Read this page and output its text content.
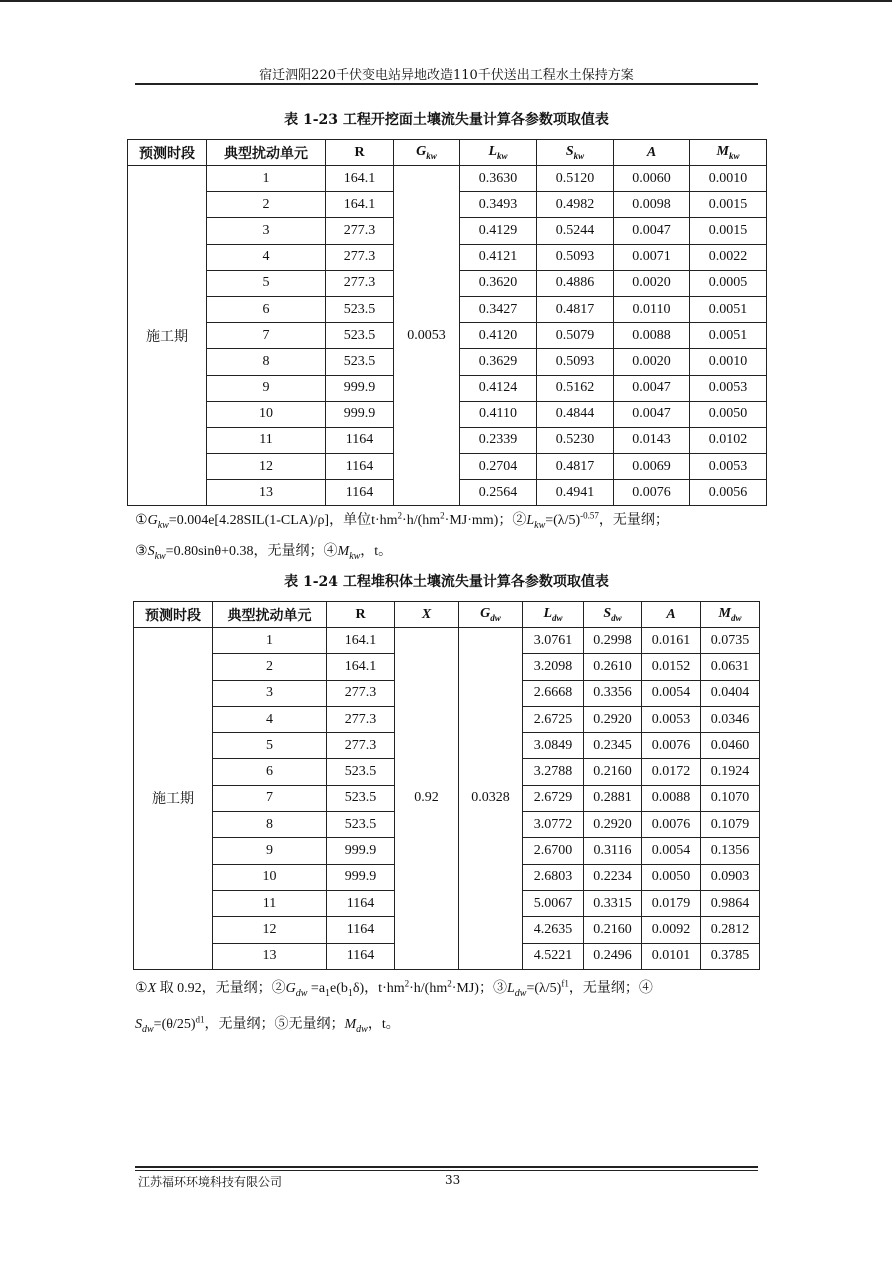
宿迁泗阳220千伏变电站异地改造110千伏送出工程水土保持方案
表 1-23 工程开挖面土壤流失量计算各参数项取值表
预测时段	典型扰动单元	R	$G_{kw}$	$L_{kw}$	$S_{kw}$	A	$M_{kw}$
施工期	1	164.1	0.0053	0.3630	0.5120	0.0060	0.0010
	2	164.1		0.3493	0.4982	0.0098	0.0015
	3	277.3		0.4129	0.5244	0.0047	0.0015
	4	277.3		0.4121	0.5093	0.0071	0.0022
	5	277.3		0.3620	0.4886	0.0020	0.0005
	6	523.5		0.3427	0.4817	0.0110	0.0051
	7	523.5		0.4120	0.5079	0.0088	0.0051
	8	523.5		0.3629	0.5093	0.0020	0.0010
	9	999.9		0.4124	0.5162	0.0047	0.0053
	10	999.9		0.4110	0.4844	0.0047	0.0050
	11	1164		0.2339	0.5230	0.0143	0.0102
	12	1164		0.2704	0.4817	0.0069	0.0053
	13	1164		0.2564	0.4941	0.0076	0.0056
$①G_{kw}=0.004e[4.28SIL(1-CLA)/\rho]$，单位$t\cdot hm^2\cdot h/(hm^2\cdot MJ\cdot mm)$；$②L_{kw}=(\lambda/5)^{-0.57}$，无量纲；
$③S_{kw}=0.80\sin\theta+0.38$，无量纲；$④M_{kw}$，t。
表 1-24 工程堆积体土壤流失量计算各参数项取值表
预测时段	典型扰动单元	R	X	$G_{dw}$	$L_{dw}$	$S_{dw}$	A	$M_{dw}$
施工期	1	164.1	0.92	0.0328	3.0761	0.2998	0.0161	0.0735
	2	164.1			3.2098	0.2610	0.0152	0.0631
	3	277.3			2.6668	0.3356	0.0054	0.0404
	4	277.3			2.6725	0.2920	0.0053	0.0346
	5	277.3			3.0849	0.2345	0.0076	0.0460
	6	523.5			3.2788	0.2160	0.0172	0.1924
	7	523.5			2.6729	0.2881	0.0088	0.1070
	8	523.5			3.0772	0.2920	0.0076	0.1079
	9	999.9			2.6700	0.3116	0.0054	0.1356
	10	999.9			2.6803	0.2234	0.0050	0.0903
	11	1164			5.0067	0.3315	0.0179	0.9864
	12	1164			4.2635	0.2160	0.0092	0.2812
	13	1164			4.5221	0.2496	0.0101	0.3785
①X 取 0.92，无量纲；$②G_{dw} =a_1e(b_1\delta)$，$t\cdot hm^2\cdot h/(hm^2\cdot MJ)$；$③L_{dw}=(\lambda/5)^{f1}$，无量纲；④
$S_{dw}=(\theta/25)^{d1}$，无量纲；⑤无量纲；$M_{dw}$，t。
江苏福环环境科技有限公司	33
